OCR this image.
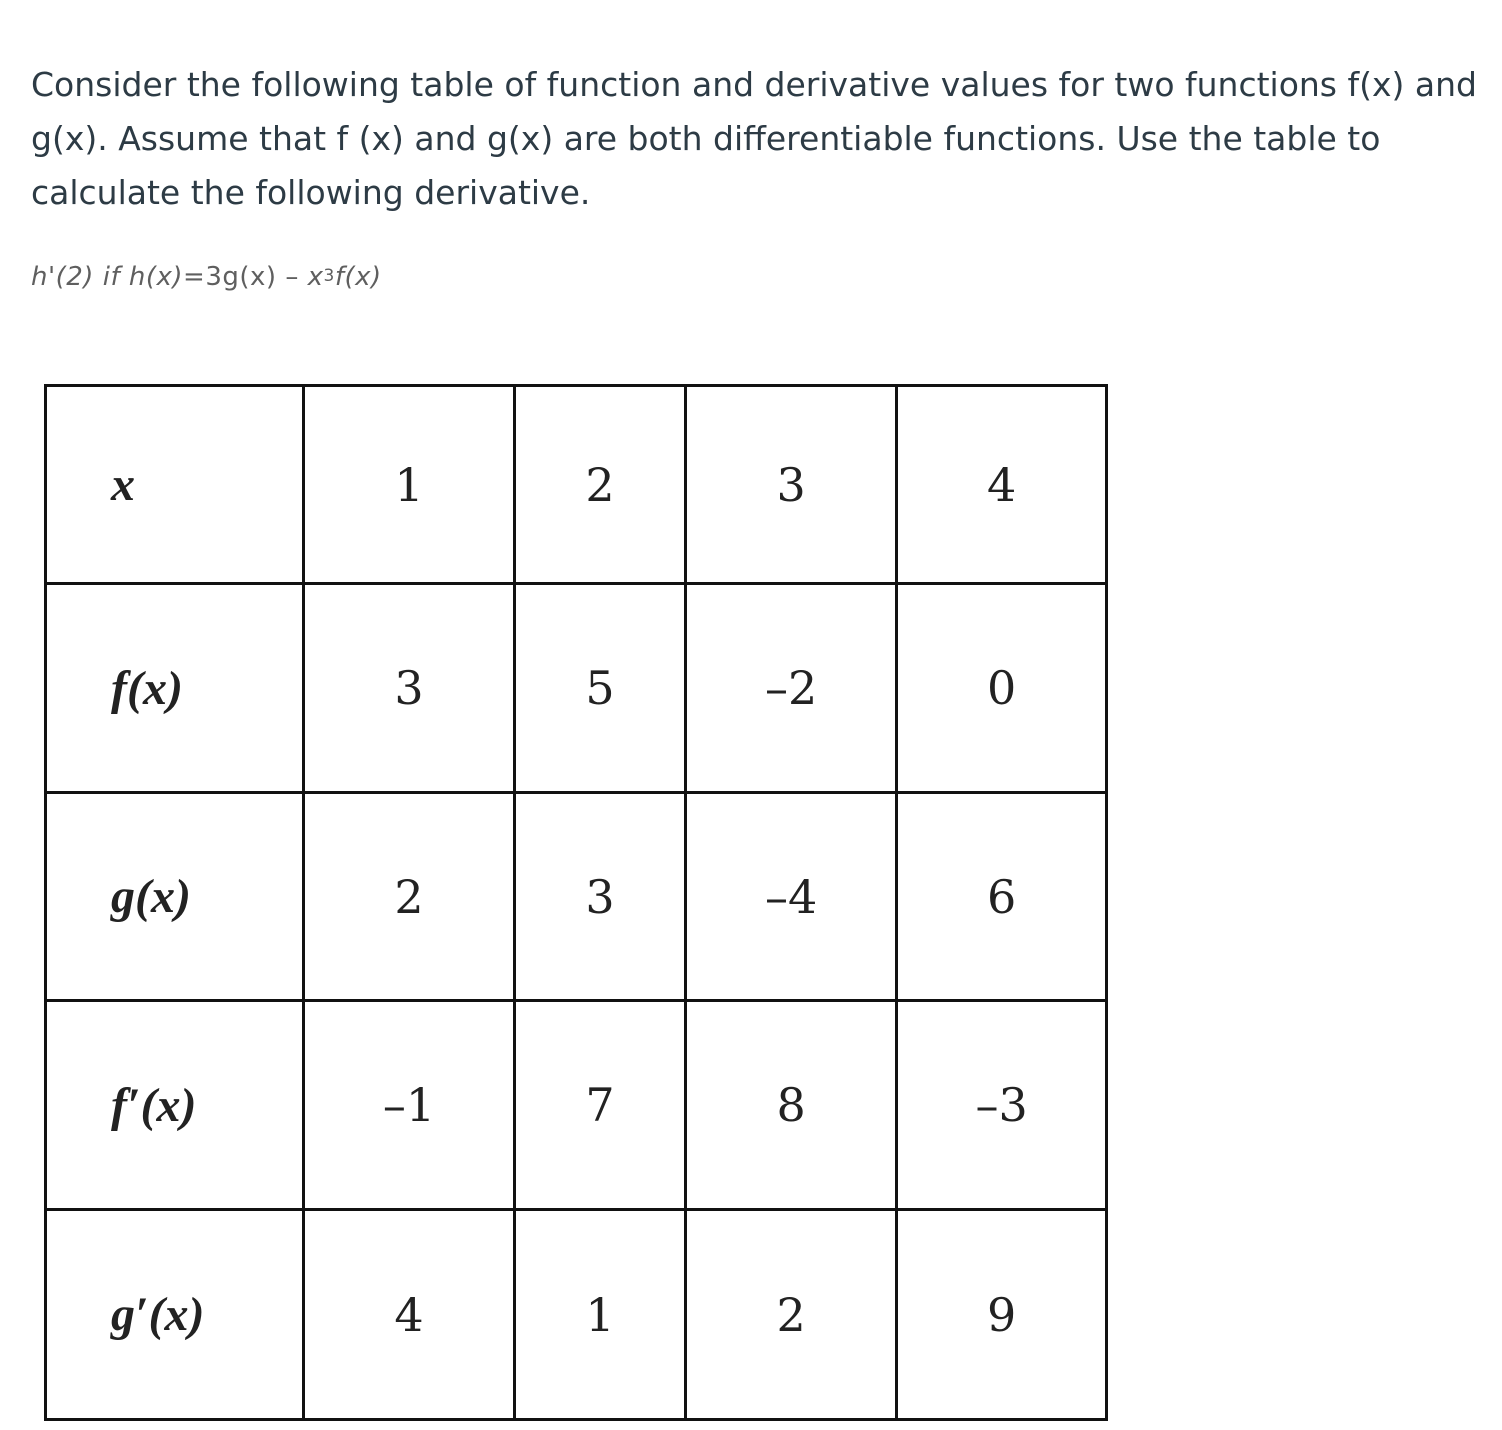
Consider the following table of function and derivative values for two functions f(x) and g(x). Assume that f (x) and g(x) are both differentiable functions. Use the table to calculate the following derivative.

h'(2) if $h(x)=3g(x) - x^3f(x)$
x	1	2	3	4
f(x)	3	5	–2	0
g(x)	2	3	–4	6
f′(x)	–1	7	8	–3
g′(x)	4	1	2	9
